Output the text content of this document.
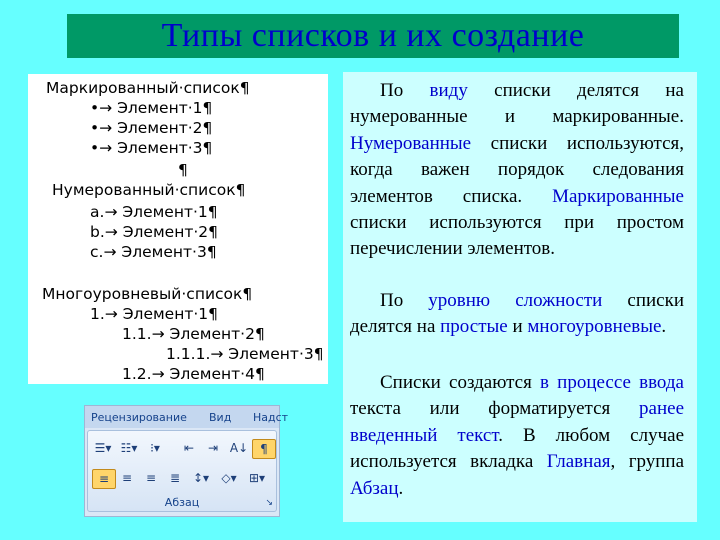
Типы списков и их создание
Маркированный·список¶
•→ Элемент·1¶
•→ Элемент·2¶
•→ Элемент·3¶
¶
Нумерованный·список¶
a.→ Элемент·1¶
b.→ Элемент·2¶
c.→ Элемент·3¶
Многоуровневый·список¶
1.→ Элемент·1¶
1.1.→ Элемент·2¶
1.1.1.→ Элемент·3¶
1.2.→ Элемент·4¶
Рецензирование Вид Надст
☰▾ ☷▾	⁝▾	⇤	⇥ A↓	¶
≡	≡	≡	≣	↕▾ ◇▾ ⊞▾
Абзац	↘

По виду списки делятся на нумерованные и маркированные. Нумерованные списки используются, когда важен порядок следования элементов списка. Маркированные списки используются при простом перечислении элементов.

По уровню сложности списки делятся на простые и многоуровневые.

Списки создаются в процессе ввода текста или форматируется ранее введенный текст. В любом случае используется вкладка Главная, группа Абзац.
